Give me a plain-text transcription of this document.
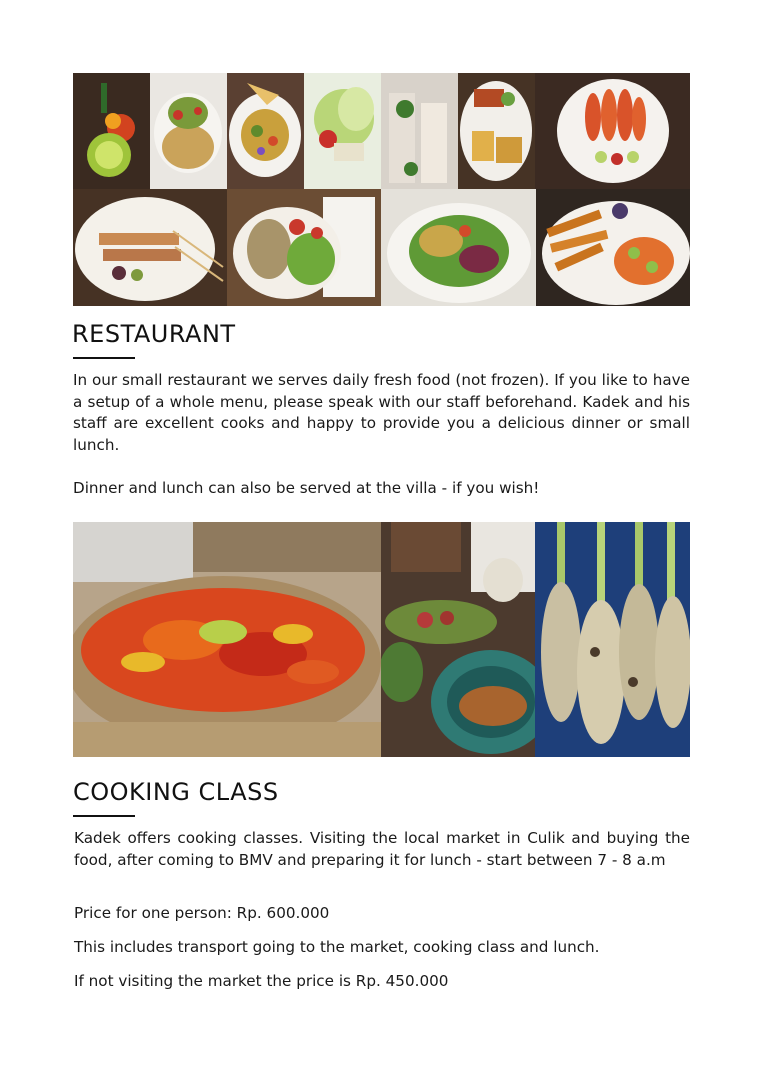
RESTAURANT

In our small restaurant we serves daily fresh food (not frozen). If you like to have a setup of a whole menu, please speak with our staff beforehand. Kadek and his staff are excellent cooks and happy to provide you a delicious dinner or small lunch.

Dinner and lunch can also be served at the villa - if you wish!

COOKING CLASS

Kadek offers cooking classes. Visiting the local market in Culik and buying the food, after coming to BMV and preparing it for lunch - start between 7 - 8 a.m

Price for one person: Rp. 600.000

This includes transport going to the market, cooking class and lunch.

If not visiting the market the price is Rp. 450.000
